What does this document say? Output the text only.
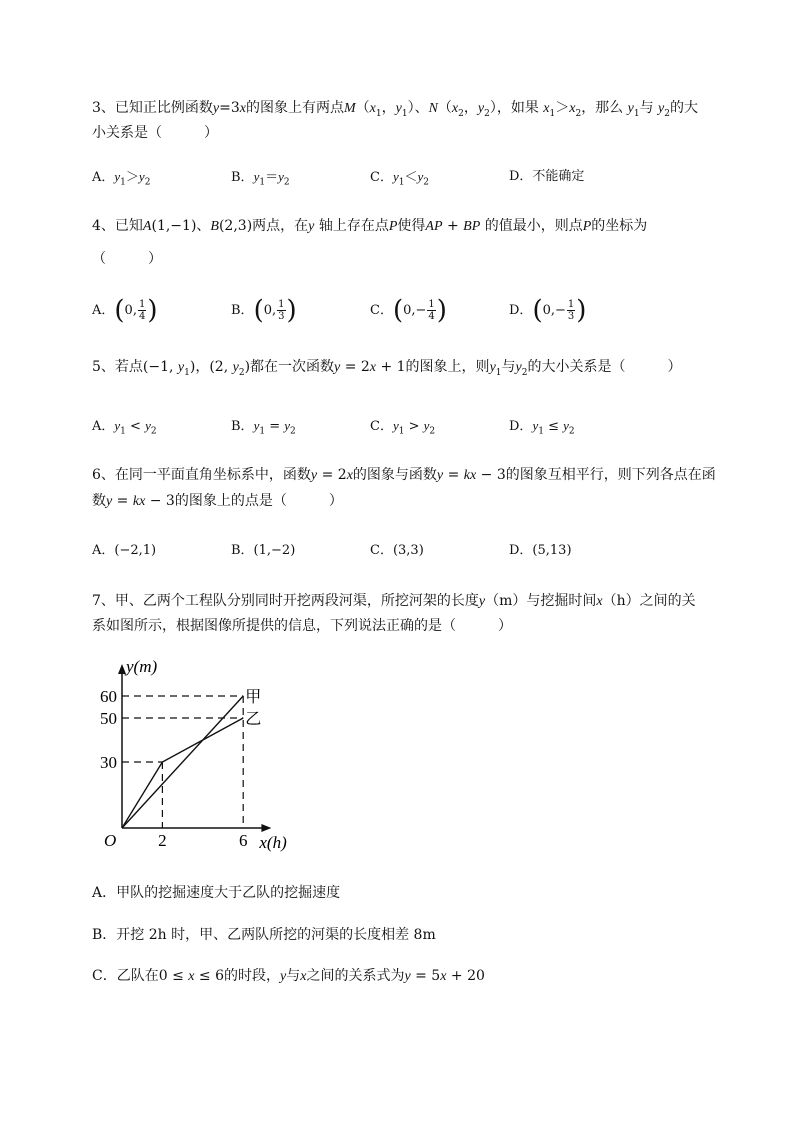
3、已知正比例函数y=3x的图象上有两点$M(x_1$，$y_1$）、$N(x_2$，$y_2$），如果 $x_1>x_2$，那么 $y_1$与 $y_2$的大
小关系是（　　　）
A．$y_1>y_2$	B．$y_1=y_2$	C．$y_1<y_2$	D．不能确定
4、已知A(1,−1)、B(2,3)两点，在y 轴上存在点P使得AP + BP 的值最小，则点P的坐标为
（　　　）
A．(0, $\frac{1}{4}$ )	B．(0, $\frac{1}{3}$ )	C．($0,- \frac{1}{4}$ )	D．($0,- \frac{1}{3}$ )
5、若点(−1, $y_1$)，(2, $y_2$)都在一次函数y = 2x + 1的图象上，则$y_1$与$y_2$的大小关系是（　　　）
A．$y_1 < y_2$	B．$y_1 = y_2$	C．$y_1 > y_2$	D．$y_1 \le y_2$
6、在同一平面直角坐标系中，函数y = 2x的图象与函数y = kx − 3的图象互相平行，则下列各点在函
数y = kx − 3的图象上的点是（　　　）
A．(−2,1)	B．(1,−2)	C．(3,3)	D．(5,13)
7、甲、乙两个工程队分别同时开挖两段河渠，所挖河架的长度y（m）与挖掘时间x（h）之间的关
系如图所示，根据图像所提供的信息，下列说法正确的是（　　　）
y(m)
x(h)
O
30
50
60
2	6
甲
乙
A．甲队的挖掘速度大于乙队的挖掘速度
B．开挖 2h 时，甲、乙两队所挖的河渠的长度相差 8m
C．乙队在0 ≤ x ≤ 6的时段，y与x之间的关系式为y = 5x + 20
